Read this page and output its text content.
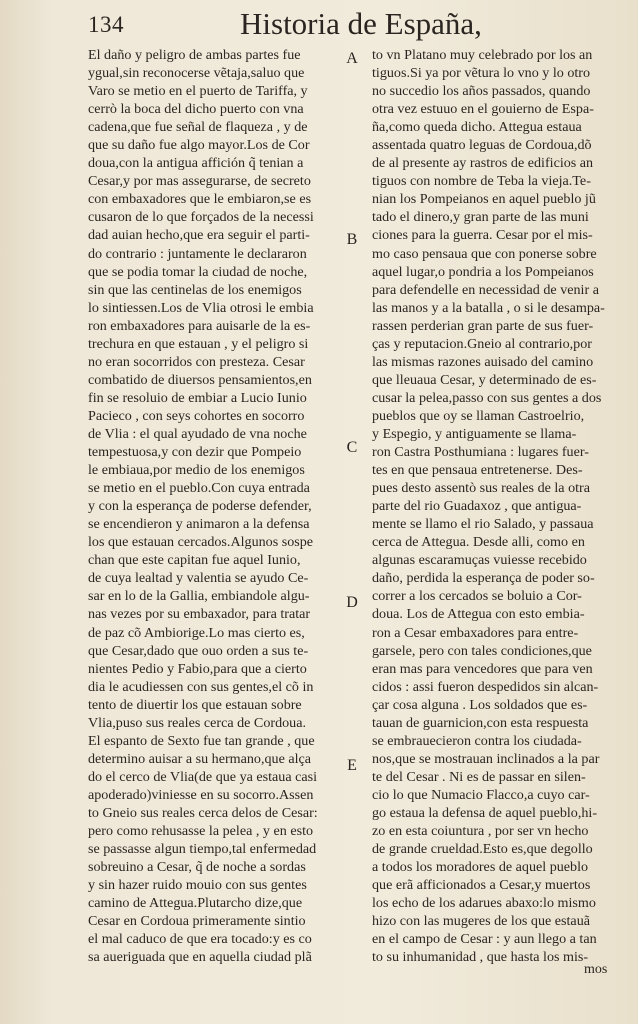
134	Historia de España,
El daño y peligro de ambas partes fue
ygual,sin reconocerse vẽtaja,saluo que
Varo se metio en el puerto de Tariffa, y
cerrò la boca del dicho puerto con vna
cadena,que fue señal de flaqueza , y de
que su daño fue algo mayor.Los de Cor
doua,con la antigua affición q̃ tenian a
Cesar,y por mas assegurarse, de secreto
con embaxadores que le embiaron,se es
cusaron de lo que forçados de la necessi
dad auian hecho,que era seguir el parti-
do contrario : juntamente le declararon
que se podia tomar la ciudad de noche,
sin que las centinelas de los enemigos
lo sintiessen.Los de Vlia otrosi le embia
ron embaxadores para auisarle de la es-
trechura en que estauan , y el peligro si
no eran socorridos con presteza. Cesar
combatido de diuersos pensamientos,en
fin se resoluio de embiar a Lucio Iunio
Pacieco , con seys cohortes en socorro
de Vlia : el qual ayudado de vna noche
tempestuosa,y con dezir que Pompeio
le embiaua,por medio de los enemigos
se metio en el pueblo.Con cuya entrada
y con la esperança de poderse defender,
se encendieron y animaron a la defensa
los que estauan cercados.Algunos sospe
chan que este capitan fue aquel Iunio,
de cuya lealtad y valentia se ayudo Ce-
sar en lo de la Gallia, embiandole algu-
nas vezes por su embaxador, para tratar
de paz cõ Ambiorige.Lo mas cierto es,
que Cesar,dado que ouo orden a sus te-
nientes Pedio y Fabio,para que a cierto
dia le acudiessen con sus gentes,el cõ in
tento de diuertir los que estauan sobre
Vlia,puso sus reales cerca de Cordoua.
El espanto de Sexto fue tan grande , que
determino auisar a su hermano,que alça
do el cerco de Vlia(de que ya estaua casi
apoderado)viniesse en su socorro.Assen
to Gneio sus reales cerca delos de Cesar:
pero como rehusasse la pelea , y en esto
se passasse algun tiempo,tal enfermedad
sobreuino a Cesar, q̃ de noche a sordas
y sin hazer ruido mouio con sus gentes
camino de Attegua.Plutarcho dize,que
Cesar en Cordoua primeramente sintio
el mal caduco de que era tocado:y es co
sa aueriguada que en aquella ciudad plã
to vn Platano muy celebrado por los an
tiguos.Si ya por vẽtura lo vno y lo otro
no succedio los años passados, quando
otra vez estuuo en el gouierno de Espa-
ña,como queda dicho. Attegua estaua
assentada quatro leguas de Cordoua,dõ
de al presente ay rastros de edificios an
tiguos con nombre de Teba la vieja.Te-
nian los Pompeianos en aquel pueblo jũ
tado el dinero,y gran parte de las muni
ciones para la guerra. Cesar por el mis-
mo caso pensaua que con ponerse sobre
aquel lugar,o pondria a los Pompeianos
para defendelle en necessidad de venir a
las manos y a la batalla , o si le desampa-
rassen perderian gran parte de sus fuer-
ças y reputacion.Gneio al contrario,por
las mismas razones auisado del camino
que lleuaua Cesar, y determinado de es-
cusar la pelea,passo con sus gentes a dos
pueblos que oy se llaman Castroelrio,
y Espegio, y antiguamente se llama-
ron Castra Posthumiana : lugares fuer-
tes en que pensaua entretenerse. Des-
pues desto assentò sus reales de la otra
parte del rio Guadaxoz , que antigua-
mente se llamo el rio Salado, y passaua
cerca de Attegua. Desde alli, como en
algunas escaramuças vuiesse recebido
daño, perdida la esperança de poder so-
correr a los cercados se boluio a Cor-
doua. Los de Attegua con esto embia-
ron a Cesar embaxadores para entre-
garsele, pero con tales condiciones,que
eran mas para vencedores que para ven
cidos : assi fueron despedidos sin alcan-
çar cosa alguna . Los soldados que es-
tauan de guarnicion,con esta respuesta
se embrauecieron contra los ciudada-
nos,que se mostrauan inclinados a la par
te del Cesar . Ni es de passar en silen-
cio lo que Numacio Flacco,a cuyo car-
go estaua la defensa de aquel pueblo,hi-
zo en esta coiuntura , por ser vn hecho
de grande crueldad.Esto es,que degollo
a todos los moradores de aquel pueblo
que erã afficionados a Cesar,y muertos
los echo de los adarues abaxo:lo mismo
hizo con las mugeres de los que estauã
en el campo de Cesar : y aun llego a tan
to su inhumanidad , que hasta los mis-
A
B
C
D
E
mos
